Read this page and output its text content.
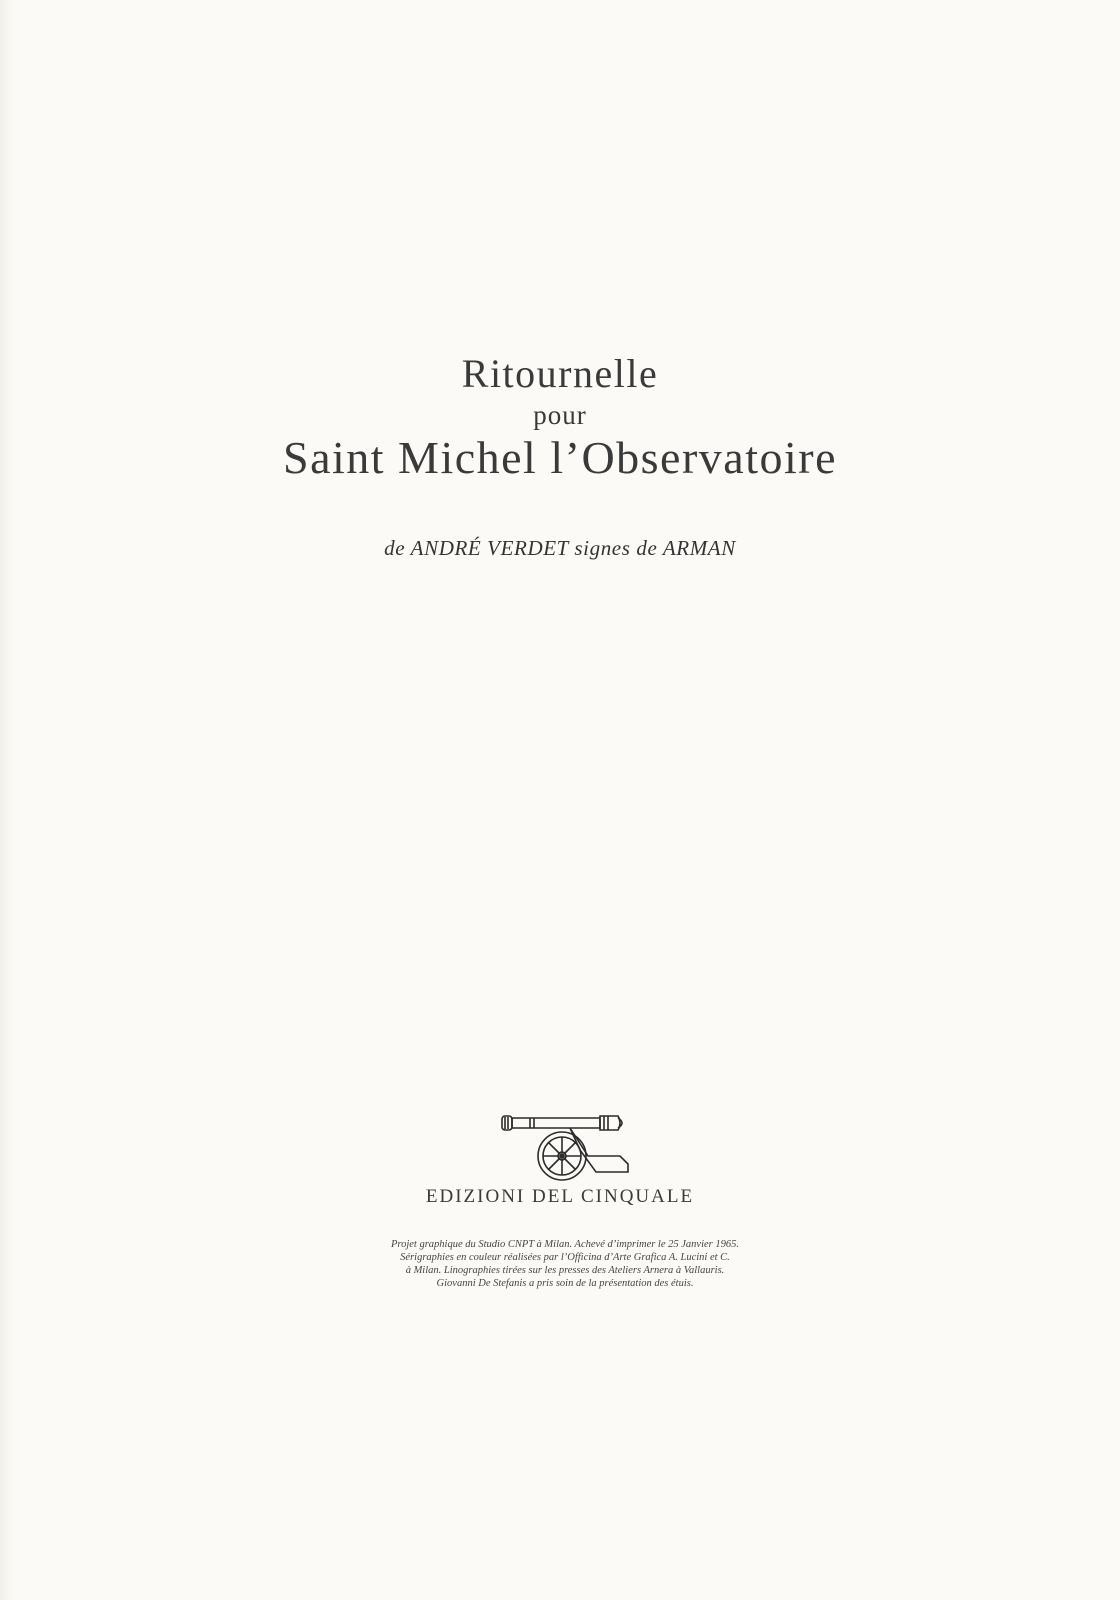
Ritournelle
pour
Saint Michel l’Observatoire
de ANDRÉ VERDET signes de ARMAN
EDIZIONI DEL CINQUALE
Projet graphique du Studio CNPT à Milan. Achevé d’imprimer le 25 Janvier 1965.
Sérigraphies en couleur réalisées par l’Officina d’Arte Grafica A. Lucini et C.
à Milan. Linographies tirées sur les presses des Ateliers Arnera à Vallauris.
Giovanni De Stefanis a pris soin de la présentation des étuis.
